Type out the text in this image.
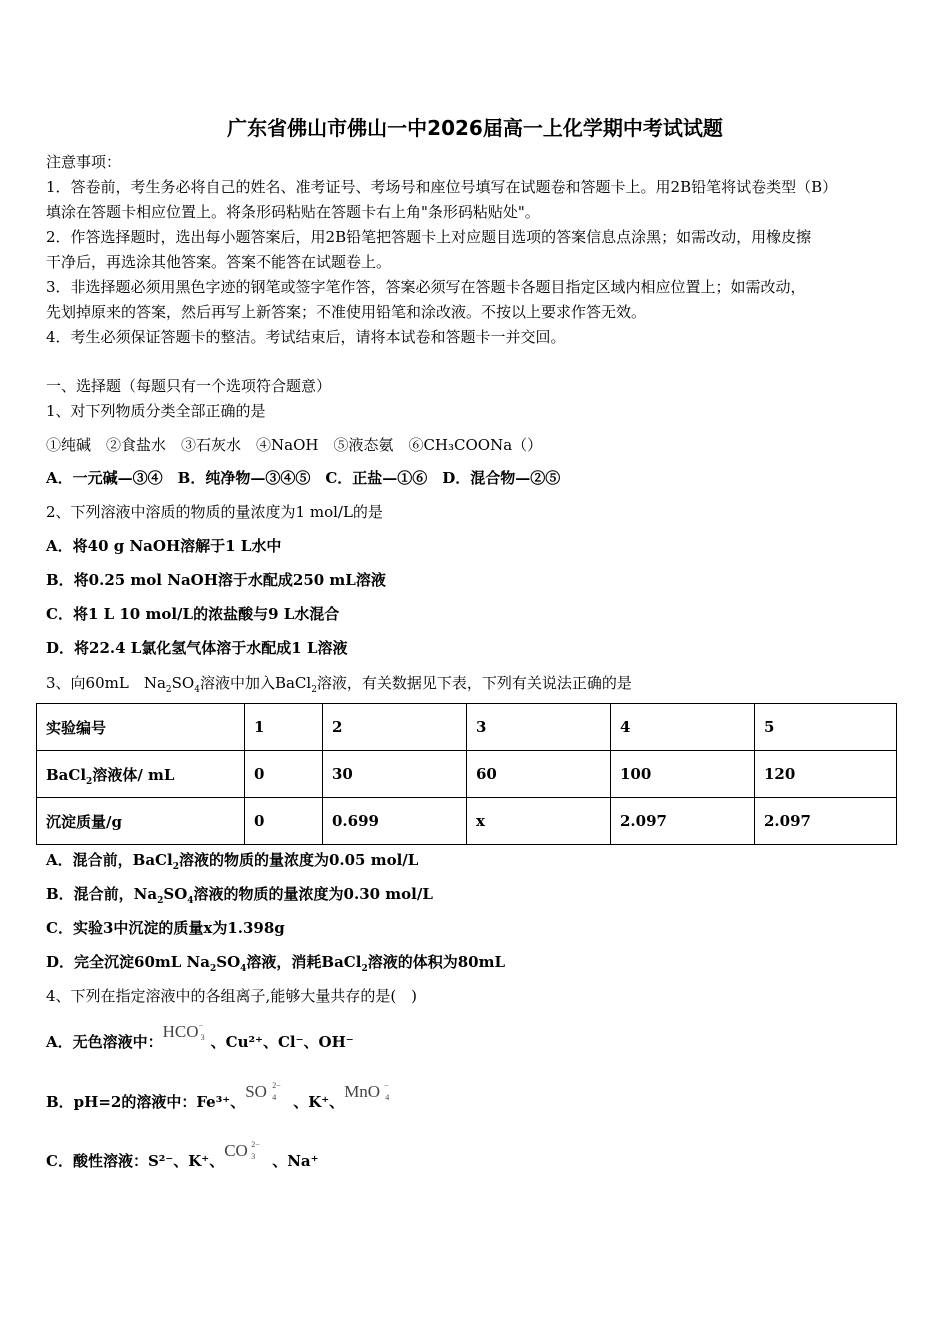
广东省佛山市佛山一中2026届高一上化学期中考试试题
注意事项：
1．答卷前，考生务必将自己的姓名、准考证号、考场号和座位号填写在试题卷和答题卡上。用2B铅笔将试卷类型（B）
填涂在答题卡相应位置上。将条形码粘贴在答题卡右上角"条形码粘贴处"。
2．作答选择题时，选出每小题答案后，用2B铅笔把答题卡上对应题目选项的答案信息点涂黑；如需改动，用橡皮擦
干净后，再选涂其他答案。答案不能答在试题卷上。
3．非选择题必须用黑色字迹的钢笔或签字笔作答，答案必须写在答题卡各题目指定区域内相应位置上；如需改动，
先划掉原来的答案，然后再写上新答案；不准使用铅笔和涂改液。不按以上要求作答无效。
4．考生必须保证答题卡的整洁。考试结束后，请将本试卷和答题卡一并交回。
一、选择题（每题只有一个选项符合题意）
1、对下列物质分类全部正确的是
①纯碱　②食盐水　③石灰水　④NaOH　⑤液态氨　⑥CH₃COONa（）
A．一元碱—③④　B．纯净物—③④⑤　C．正盐—①⑥　D．混合物—②⑤
2、下列溶液中溶质的物质的量浓度为1 mol/L的是
A．将40 g NaOH溶解于1 L水中
B．将0.25 mol NaOH溶于水配成250 mL溶液
C．将1 L 10 mol/L的浓盐酸与9 L水混合
D．将22.4 L氯化氢气体溶于水配成1 L溶液
3、向60mL　$Na_2SO_4$溶液中加入BaCl$_2$溶液，有关数据见下表，下列有关说法正确的是
实验编号	1	2	3	4	5
BaCl$_2$溶液体/ mL	0	30	60	100	120
沉淀质量/g	0	0.699	x	2.097	2.097
A．混合前，BaCl$_2$溶液的物质的量浓度为0.05 mol/L
B．混合前，$Na_2SO_4$溶液的物质的量浓度为0.30 mol/L
C．实验3中沉淀的质量x为1.398g
D．完全沉淀60mL $Na_2SO_4$溶液，消耗BaCl$_2$溶液的体积为80mL
4、下列在指定溶液中的各组离子,能够大量共存的是(　)
A．无色溶液中：HCO −
3 、Cu²⁺、Cl⁻、OH⁻
B．pH=2的溶液中：Fe³⁺、SO 2−
4 、K⁺、MnO −
4
C．酸性溶液：S²⁻、K⁺、CO 2−
3 、Na⁺
